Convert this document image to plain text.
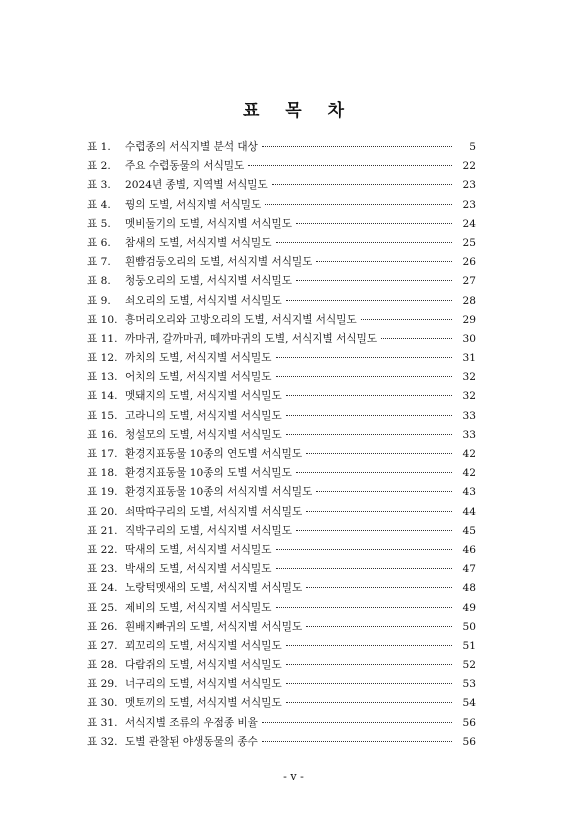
표 목 차
표 1.	수렵종의 서식지별 분석 대상	5
표 2.	주요 수렵동물의 서식밀도	22
표 3.	2024년 종별, 지역별 서식밀도	23
표 4.	꿩의 도별, 서식지별 서식밀도	23
표 5.	멧비둘기의 도별, 서식지별 서식밀도	24
표 6.	참새의 도별, 서식지별 서식밀도	25
표 7.	흰뺨검둥오리의 도별, 서식지별 서식밀도	26
표 8.	청둥오리의 도별, 서식지별 서식밀도	27
표 9.	쇠오리의 도별, 서식지별 서식밀도	28
표 10. 흥머리오리와 고방오리의 도별, 서식지별 서식밀도	29
표 11. 까마귀, 갈까마귀, 떼까마귀의 도별, 서식지별 서식밀도	30
표 12. 까치의 도별, 서식지별 서식밀도	31
표 13. 어치의 도별, 서식지별 서식밀도	32
표 14. 멧돼지의 도별, 서식지별 서식밀도	32
표 15. 고라니의 도별, 서식지별 서식밀도	33
표 16. 청설모의 도별, 서식지별 서식밀도	33
표 17. 환경지표동물 10종의 연도별 서식밀도	42
표 18. 환경지표동물 10종의 도별 서식밀도	42
표 19. 환경지표동물 10종의 서식지별 서식밀도	43
표 20. 쇠딱따구리의 도별, 서식지별 서식밀도	44
표 21. 직박구리의 도별, 서식지별 서식밀도	45
표 22. 딱새의 도별, 서식지별 서식밀도	46
표 23. 박새의 도별, 서식지별 서식밀도	47
표 24. 노랑턱멧새의 도별, 서식지별 서식밀도	48
표 25. 제비의 도별, 서식지별 서식밀도	49
표 26. 흰배지빠귀의 도별, 서식지별 서식밀도	50
표 27. 꾀꼬리의 도별, 서식지별 서식밀도	51
표 28. 다람쥐의 도별, 서식지별 서식밀도	52
표 29. 너구리의 도별, 서식지별 서식밀도	53
표 30. 멧토끼의 도별, 서식지별 서식밀도	54
표 31. 서식지별 조류의 우점종 비율	56
표 32. 도별 관찰된 야생동물의 종수	56
- v -
